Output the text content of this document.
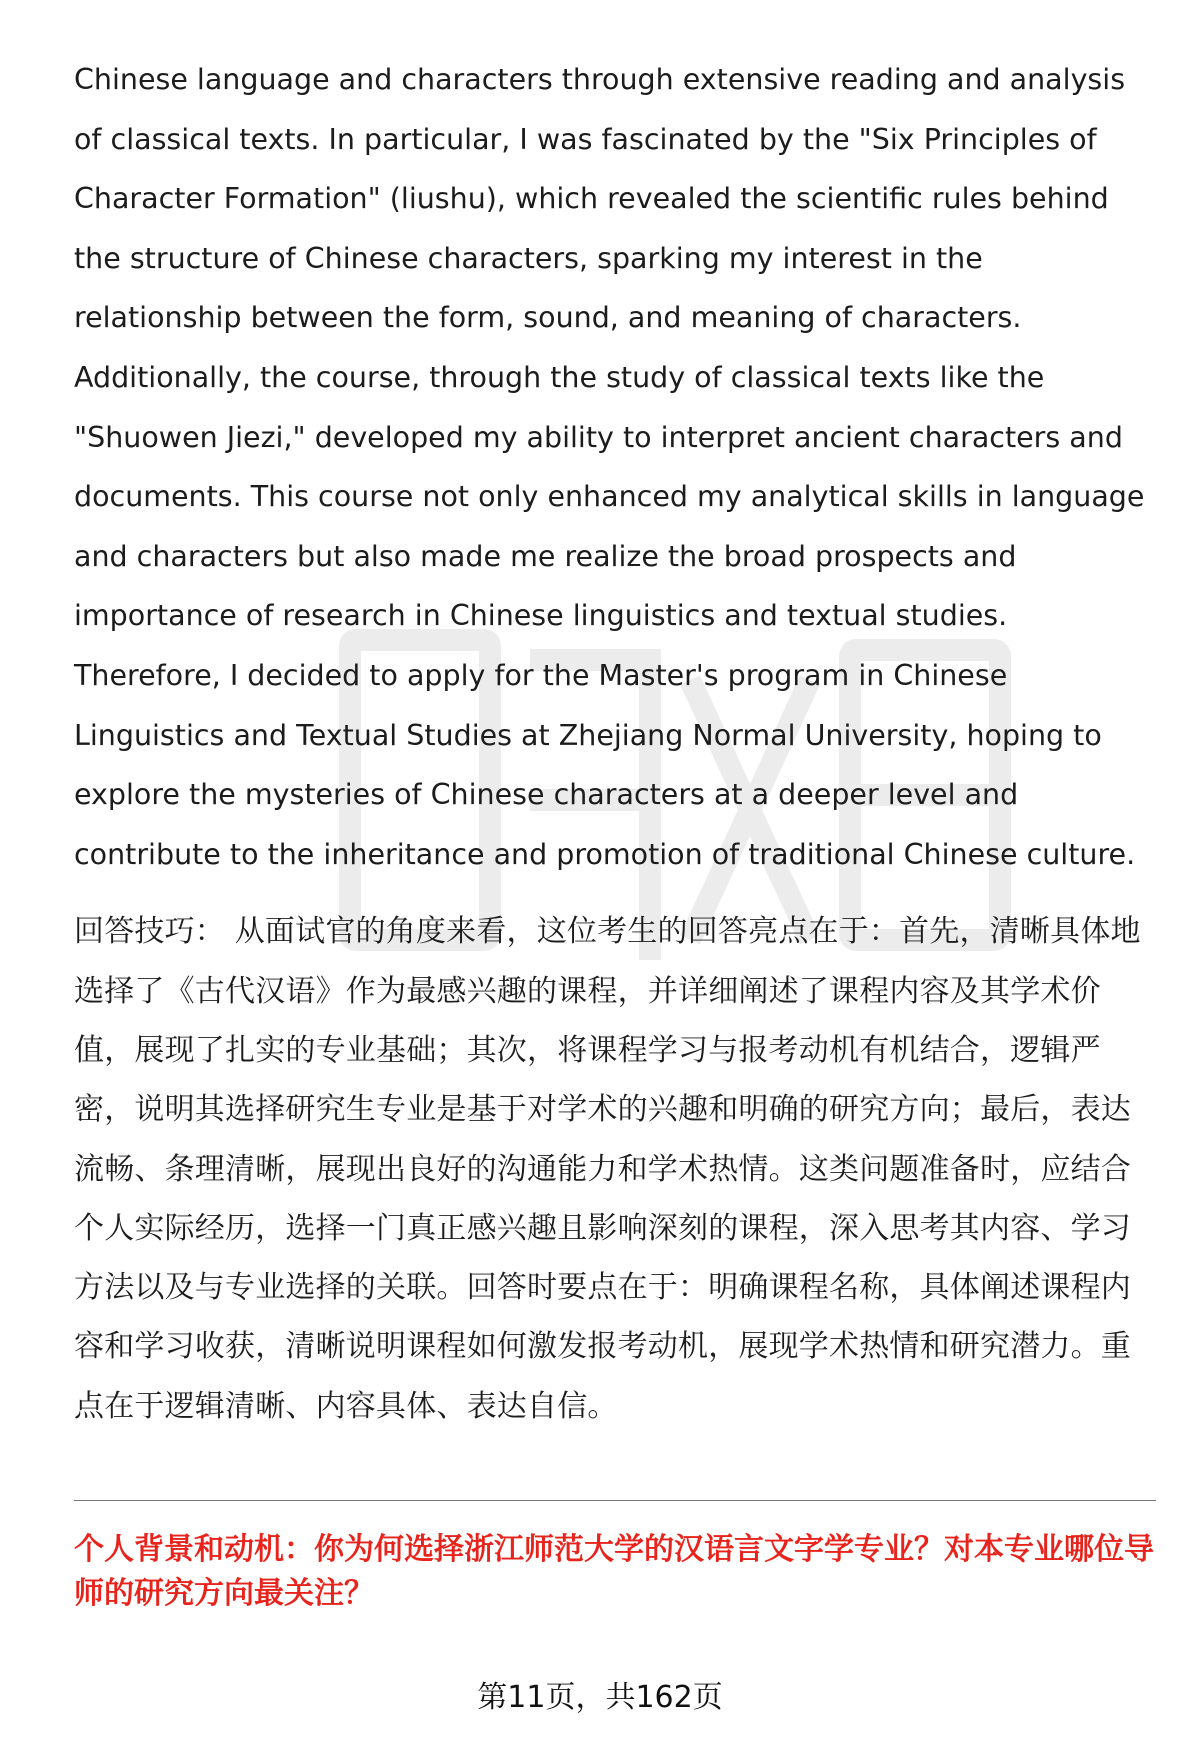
Chinese language and characters through extensive reading and analysis of classical texts. In particular, I was fascinated by the "Six Principles of Character Formation" (liushu), which revealed the scientific rules behind the structure of Chinese characters, sparking my interest in the relationship between the form, sound, and meaning of characters. Additionally, the course, through the study of classical texts like the "Shuowen Jiezi," developed my ability to interpret ancient characters and documents. This course not only enhanced my analytical skills in language and characters but also made me realize the broad prospects and importance of research in Chinese linguistics and textual studies. Therefore, I decided to apply for the Master's program in Chinese Linguistics and Textual Studies at Zhejiang Normal University, hoping to explore the mysteries of Chinese characters at a deeper level and contribute to the inheritance and promotion of traditional Chinese culture.

回答技巧： 从面试官的角度来看，这位考生的回答亮点在于：首先，清晰具体地选择了《古代汉语》作为最感兴趣的课程，并详细阐述了课程内容及其学术价值，展现了扎实的专业基础；其次，将课程学习与报考动机有机结合，逻辑严密，说明其选择研究生专业是基于对学术的兴趣和明确的研究方向；最后，表达流畅、条理清晰，展现出良好的沟通能力和学术热情。这类问题准备时，应结合个人实际经历，选择一门真正感兴趣且影响深刻的课程，深入思考其内容、学习方法以及与专业选择的关联。回答时要点在于：明确课程名称，具体阐述课程内容和学习收获，清晰说明课程如何激发报考动机，展现学术热情和研究潜力。重点在于逻辑清晰、内容具体、表达自信。

个人背景和动机：你为何选择浙江师范大学的汉语言文字学专业？对本专业哪位导师的研究方向最关注？
第11页，共162页
